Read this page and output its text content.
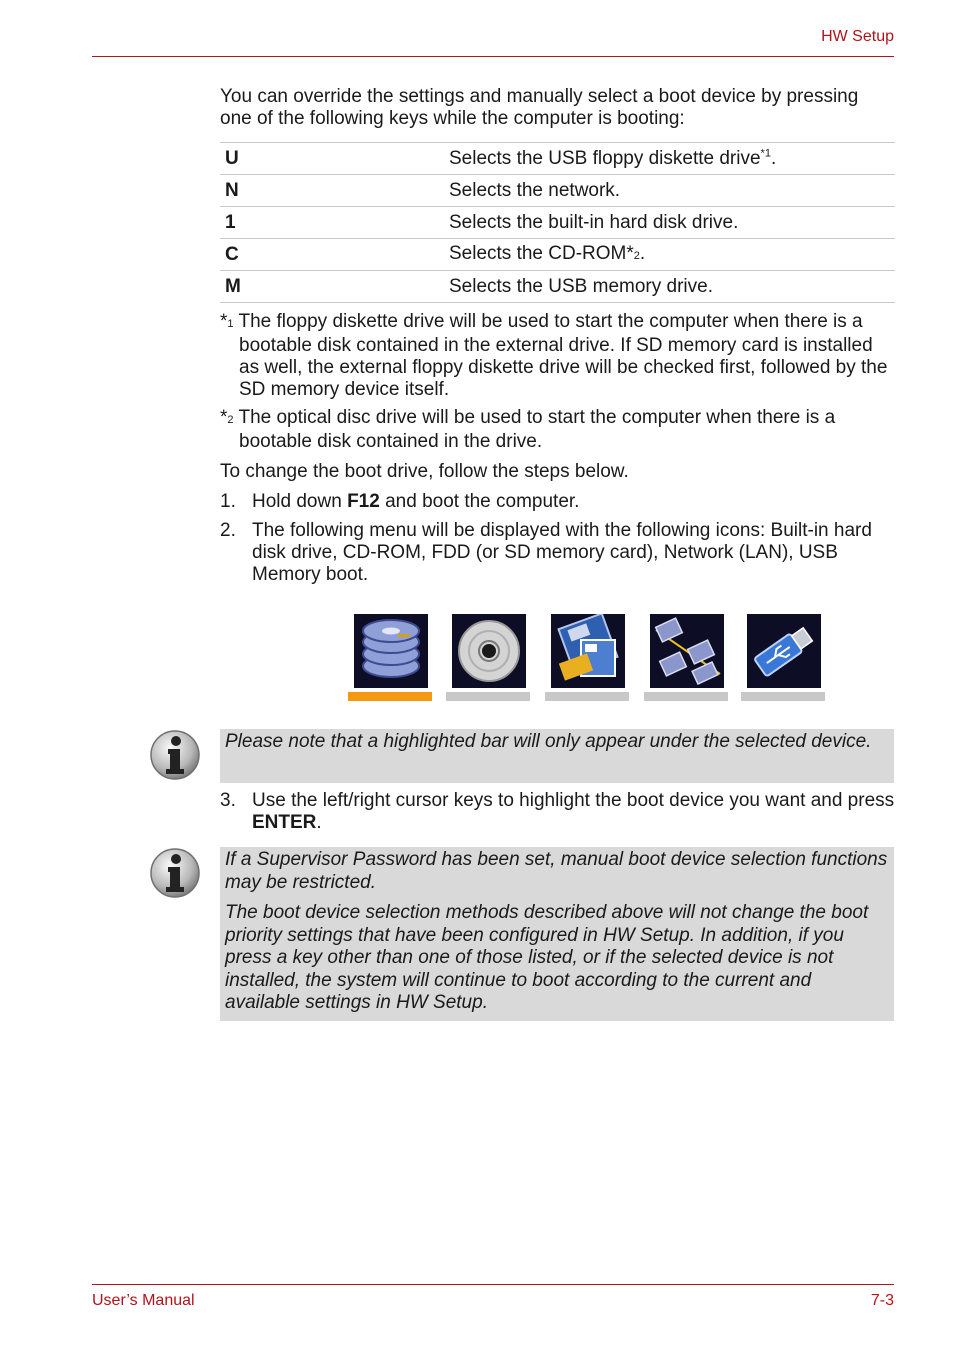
HW Setup
User’s Manual	7-3

You can override the settings and manually select a boot device by pressing one of the following keys while the computer is booting:

U	Selects the USB floppy diskette drive$^{*1}$.
N	Selects the network.
1	Selects the built-in hard disk drive.
C	Selects the CD-ROM*2.
M	Selects the USB memory drive.

*1 The floppy diskette drive will be used to start the computer when there is a bootable disk contained in the external drive. If SD memory card is installed as well, the external floppy diskette drive will be checked first, followed by the SD memory device itself.

*2 The optical disc drive will be used to start the computer when there is a bootable disk contained in the drive.

To change the boot drive, follow the steps below.

1. Hold down F12 and boot the computer.
2. The following menu will be displayed with the following icons: Built-in hard disk drive, CD-ROM, FDD (or SD memory card), Network (LAN), USB Memory boot.

Please note that a highlighted bar will only appear under the selected device.

3. Use the left/right cursor keys to highlight the boot device you want and press ENTER.

If a Supervisor Password has been set, manual boot device selection functions may be restricted.

The boot device selection methods described above will not change the boot priority settings that have been configured in HW Setup. In addition, if you press a key other than one of those listed, or if the selected device is not installed, the system will continue to boot according to the current and available settings in HW Setup.
